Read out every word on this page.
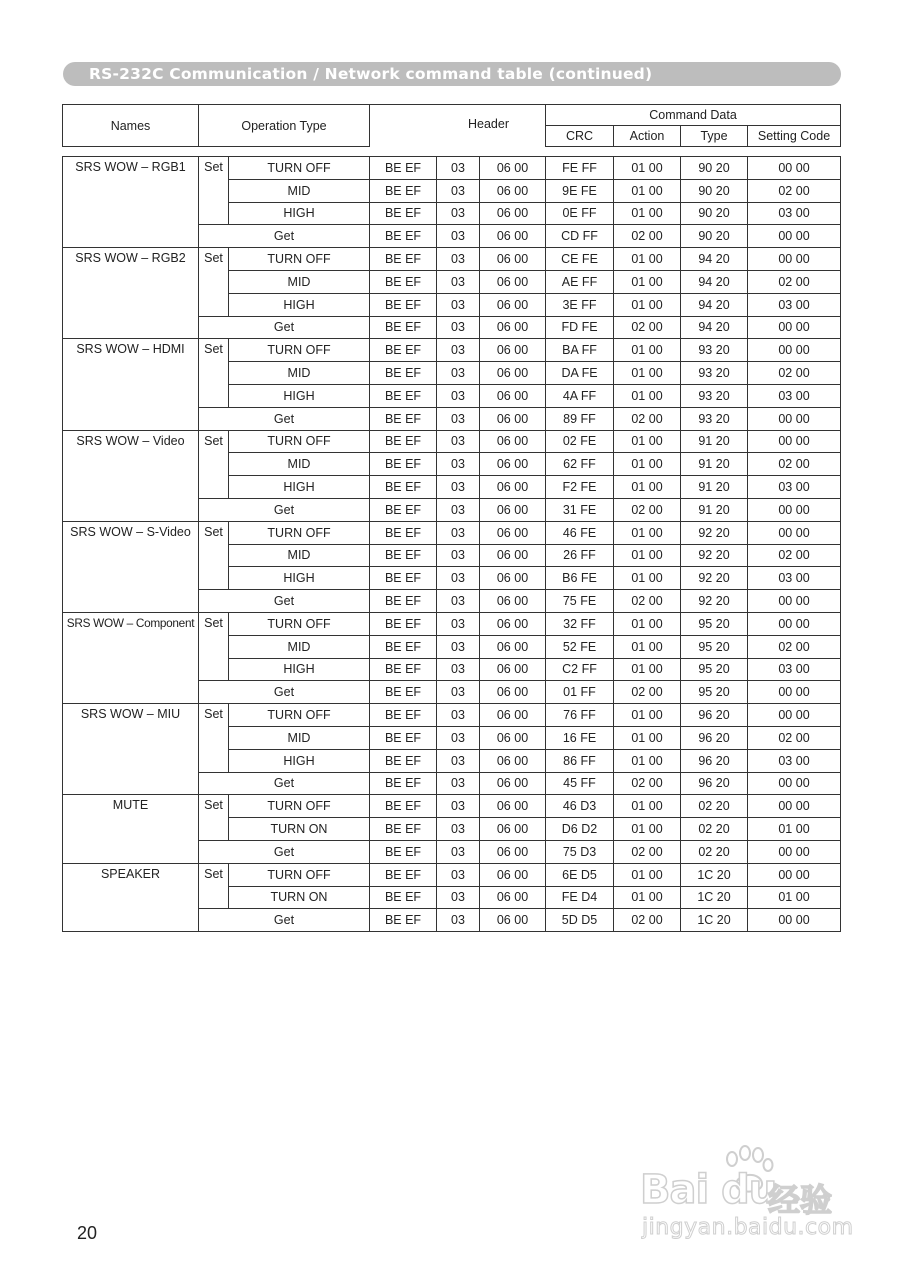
RS-232C Communication / Network command table (continued)
Names	Operation Type	Header	Command Data			
			CRC	Action	Type	Setting Code
SRS WOW – RGB1	Set	TURN OFF	BE EF	03	06 00	FE FF	01 00	90 20	00 00
		MID	BE EF	03	06 00	9E FE	01 00	90 20	02 00
		HIGH	BE EF	03	06 00	0E FF	01 00	90 20	03 00
	Get		BE EF	03	06 00	CD FF	02 00	90 20	00 00
SRS WOW – RGB2	Set	TURN OFF	BE EF	03	06 00	CE FE	01 00	94 20	00 00
		MID	BE EF	03	06 00	AE FF	01 00	94 20	02 00
		HIGH	BE EF	03	06 00	3E FF	01 00	94 20	03 00
	Get		BE EF	03	06 00	FD FE	02 00	94 20	00 00
SRS WOW – HDMI	Set	TURN OFF	BE EF	03	06 00	BA FF	01 00	93 20	00 00
		MID	BE EF	03	06 00	DA FE	01 00	93 20	02 00
		HIGH	BE EF	03	06 00	4A FF	01 00	93 20	03 00
	Get		BE EF	03	06 00	89 FF	02 00	93 20	00 00
SRS WOW – Video	Set	TURN OFF	BE EF	03	06 00	02 FE	01 00	91 20	00 00
		MID	BE EF	03	06 00	62 FF	01 00	91 20	02 00
		HIGH	BE EF	03	06 00	F2 FE	01 00	91 20	03 00
	Get		BE EF	03	06 00	31 FE	02 00	91 20	00 00
SRS WOW – S-Video	Set	TURN OFF	BE EF	03	06 00	46 FE	01 00	92 20	00 00
		MID	BE EF	03	06 00	26 FF	01 00	92 20	02 00
		HIGH	BE EF	03	06 00	B6 FE	01 00	92 20	03 00
	Get		BE EF	03	06 00	75 FE	02 00	92 20	00 00
SRS WOW – Component	Set	TURN OFF	BE EF	03	06 00	32 FF	01 00	95 20	00 00
		MID	BE EF	03	06 00	52 FE	01 00	95 20	02 00
		HIGH	BE EF	03	06 00	C2 FF	01 00	95 20	03 00
	Get		BE EF	03	06 00	01 FF	02 00	95 20	00 00
SRS WOW – MIU	Set	TURN OFF	BE EF	03	06 00	76 FF	01 00	96 20	00 00
		MID	BE EF	03	06 00	16 FE	01 00	96 20	02 00
		HIGH	BE EF	03	06 00	86 FF	01 00	96 20	03 00
	Get		BE EF	03	06 00	45 FF	02 00	96 20	00 00
MUTE	Set	TURN OFF	BE EF	03	06 00	46 D3	01 00	02 20	00 00
		TURN ON	BE EF	03	06 00	D6 D2	01 00	02 20	01 00
	Get		BE EF	03	06 00	75 D3	02 00	02 20	00 00
SPEAKER	Set	TURN OFF	BE EF	03	06 00	6E D5	01 00	1C 20	00 00
		TURN ON	BE EF	03	06 00	FE D4	01 00	1C 20	01 00
	Get		BE EF	03	06 00	5D D5	02 00	1C 20	00 00
20
Bai du
经验
jingyan.baidu.com
